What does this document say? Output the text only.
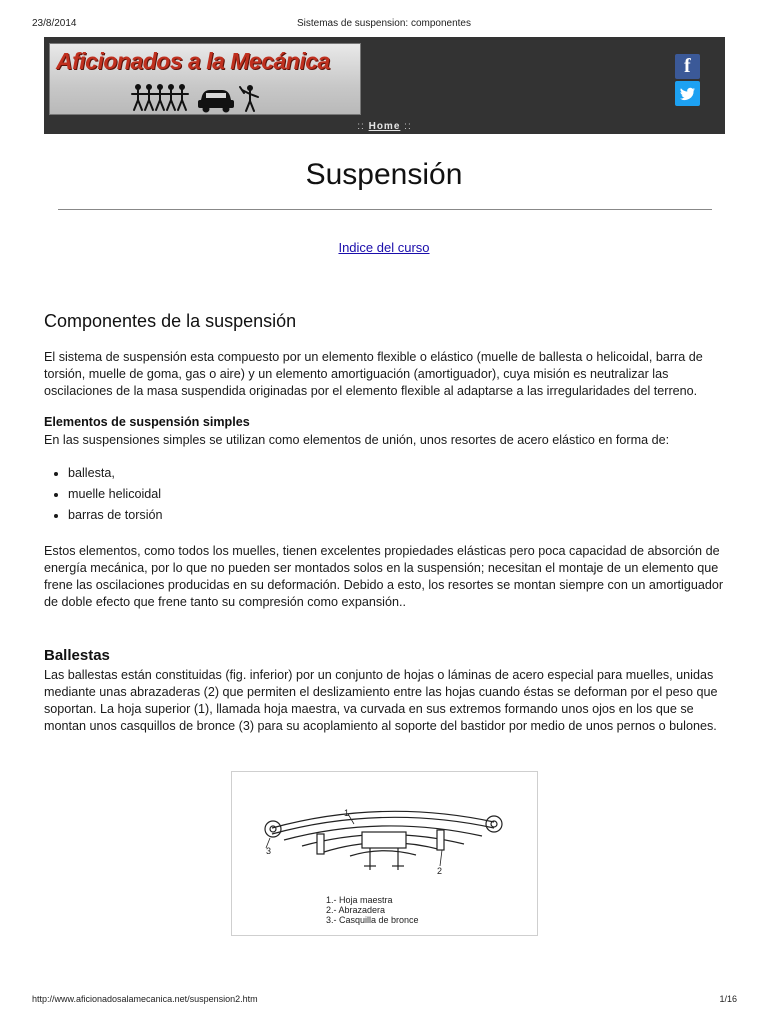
23/8/2014	Sistemas de suspension: componentes
Aficionados a la Mecánica	f
:: Home ::
Suspensión
Indice del curso
Componentes de la suspensión
El sistema de suspensión esta compuesto por un elemento flexible o elástico (muelle de ballesta o helicoidal, barra de torsión, muelle de goma, gas o aire) y un elemento amortiguación (amortiguador), cuya misión es neutralizar las oscilaciones de la masa suspendida originadas por el elemento flexible al adaptarse a las irregularidades del terreno.
Elementos de suspensión simples
En las suspensiones simples se utilizan como elementos de unión, unos resortes de acero elástico en forma de:
• ballesta,
• muelle helicoidal
• barras de torsión
Estos elementos, como todos los muelles, tienen excelentes propiedades elásticas pero poca capacidad de absorción de energía mecánica, por lo que no pueden ser montados solos en la suspensión; necesitan el montaje de un elemento que frene las oscilaciones producidas en su deformación. Debido a esto, los resortes se montan siempre con un amortiguador de doble efecto que frene tanto su compresión como expansión..
Ballestas
Las ballestas están constituidas (fig. inferior) por un conjunto de hojas o láminas de acero especial para muelles, unidas mediante unas abrazaderas (2) que permiten el deslizamiento entre las hojas cuando éstas se deforman por el peso que soportan. La hoja superior (1), llamada hoja maestra, va curvada en sus extremos formando unos ojos en los que se montan unos casquillos de bronce (3) para su acoplamiento al soporte del bastidor por medio de unos pernos o bulones.
1
2
3
1.- Hoja maestra
2.- Abrazadera
3.- Casquilla de bronce
http://www.aficionadosalamecanica.net/suspension2.htm	1/16
